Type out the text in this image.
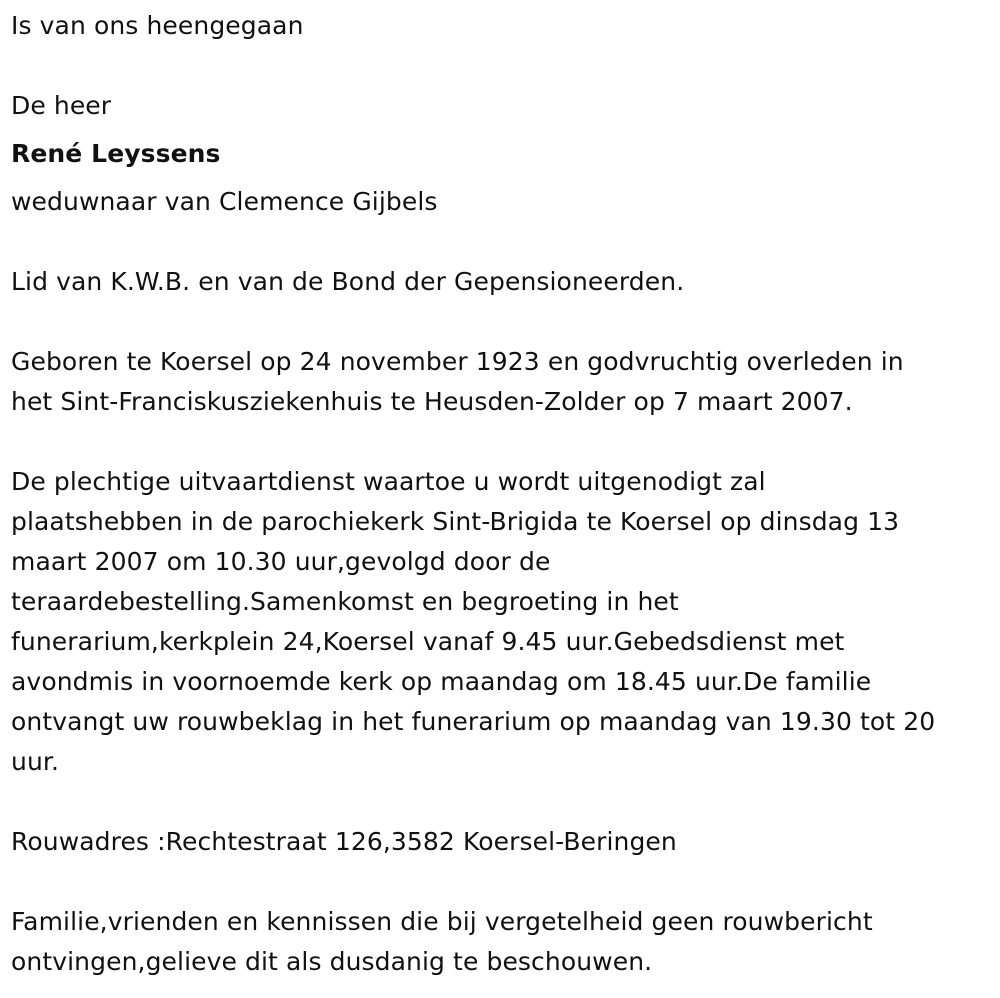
Is van ons heengegaan
De heer
René Leyssens
weduwnaar van Clemence Gijbels
Lid van K.W.B. en van de Bond der Gepensioneerden.
Geboren te Koersel op 24 november 1923 en godvruchtig overleden in
het Sint-Franciskusziekenhuis te Heusden-Zolder op 7 maart 2007.
De plechtige uitvaartdienst waartoe u wordt uitgenodigt zal
plaatshebben in de parochiekerk Sint-Brigida te Koersel op dinsdag 13
maart 2007 om 10.30 uur,gevolgd door de
teraardebestelling.Samenkomst en begroeting in het
funerarium,kerkplein 24,Koersel vanaf 9.45 uur.Gebedsdienst met
avondmis in voornoemde kerk op maandag om 18.45 uur.De familie
ontvangt uw rouwbeklag in het funerarium op maandag van 19.30 tot 20
uur.
Rouwadres :Rechtestraat 126,3582 Koersel-Beringen
Familie,vrienden en kennissen die bij vergetelheid geen rouwbericht
ontvingen,gelieve dit als dusdanig te beschouwen.
